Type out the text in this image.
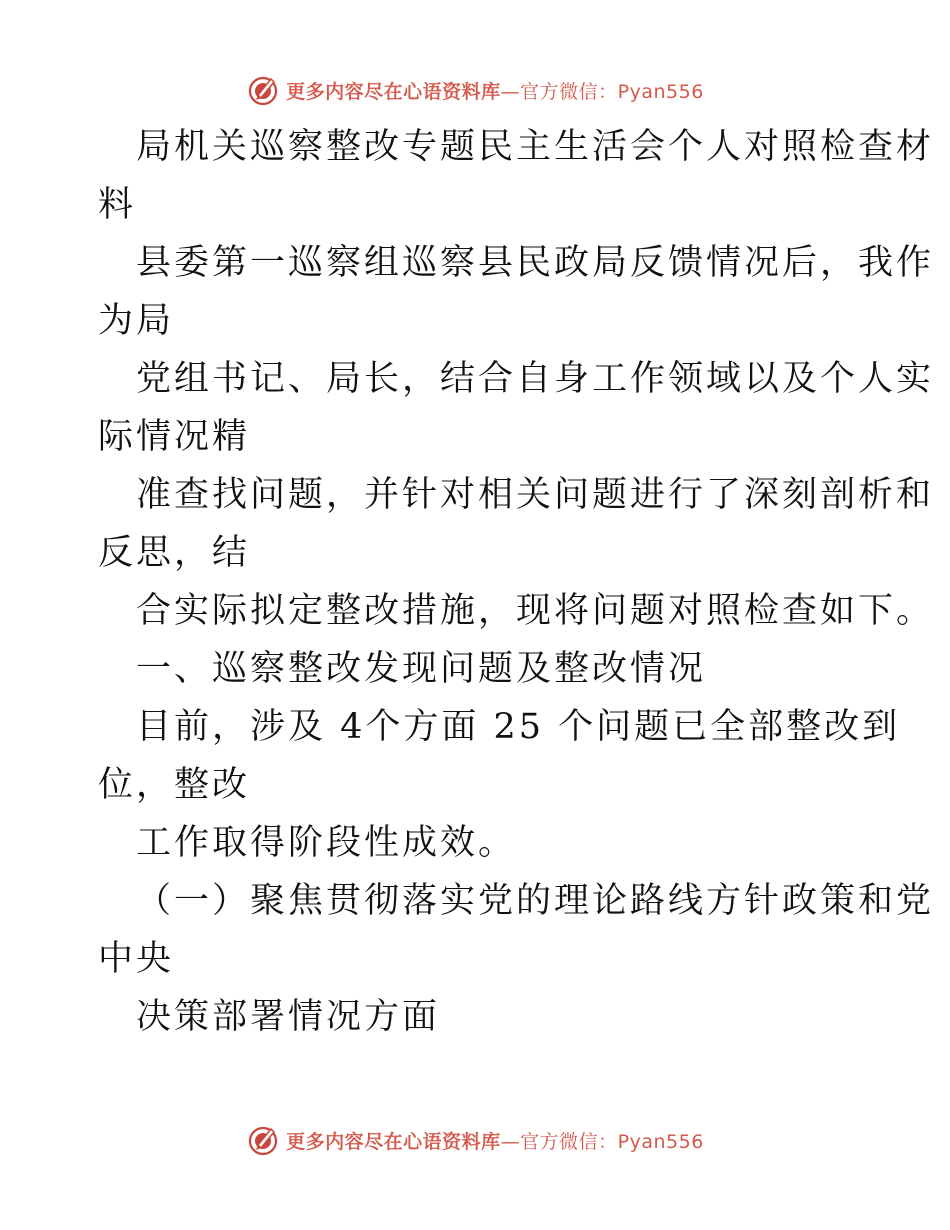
更多内容尽在心语资料库—官方微信：Pyan556
局机关巡察整改专题民主生活会个人对照检查材
料
县委第一巡察组巡察县民政局反馈情况后，我作
为局
党组书记、局长，结合自身工作领域以及个人实
际情况精
准查找问题，并针对相关问题进行了深刻剖析和
反思，结
合实际拟定整改措施，现将问题对照检查如下。
一、巡察整改发现问题及整改情况
目前，涉及 4个方面 25 个问题已全部整改到
位，整改
工作取得阶段性成效。
（一）聚焦贯彻落实党的理论路线方针政策和党
中央
决策部署情况方面
更多内容尽在心语资料库—官方微信：Pyan556
